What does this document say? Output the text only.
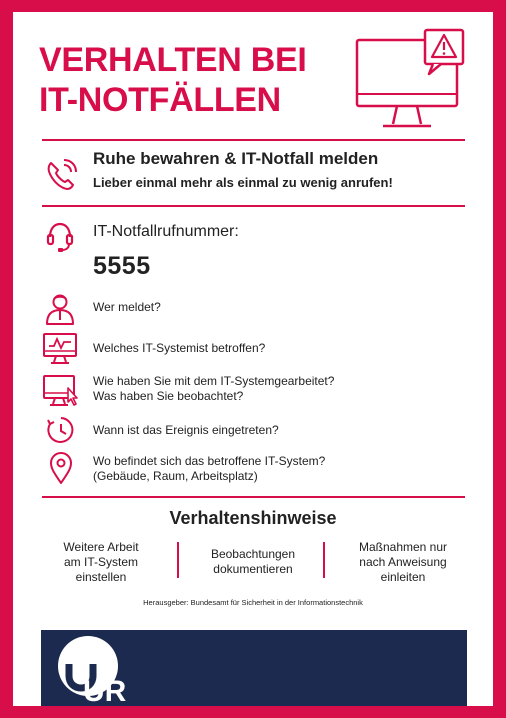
VERHALTEN BEI
IT-NOTFÄLLEN
Ruhe bewahren & IT-Notfall melden
Lieber einmal mehr als einmal zu wenig anrufen!
IT-Notfallrufnummer:
5555
Wer meldet?
Welches IT-Systemist betroffen?
Wie haben Sie mit dem IT-Systemgearbeitet?
Was haben Sie beobachtet?
Wann ist das Ereignis eingetreten?
Wo befindet sich das betroffene IT-System?
(Gebäude, Raum, Arbeitsplatz)
Verhaltenshinweise
Weitere Arbeit
am IT-System
einstellen
Beobachtungen
dokumentieren
Maßnahmen nur
nach Anweisung
einleiten
Herausgeber: Bundesamt für Sicherheit in der Informationstechnik
UR
